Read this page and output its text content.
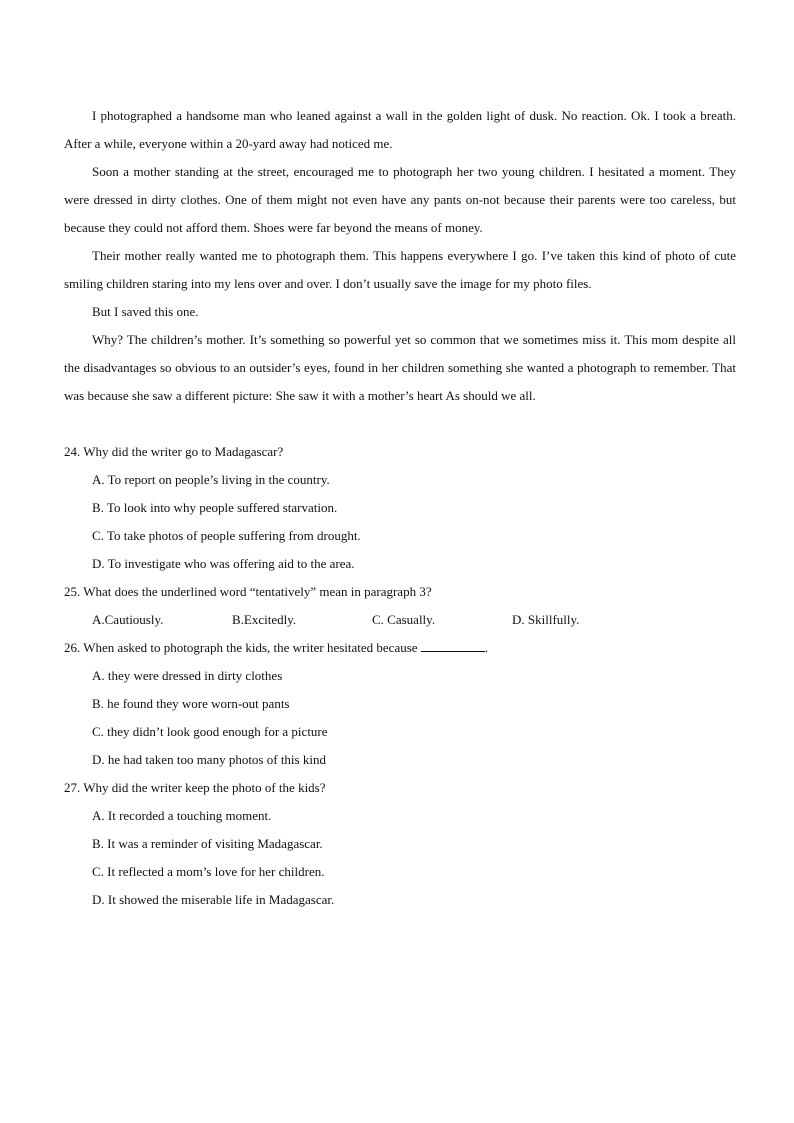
I photographed a handsome man who leaned against a wall in the golden light of dusk. No reaction. Ok. I took a breath. After a while, everyone within a 20-yard away had noticed me.

Soon a mother standing at the street, encouraged me to photograph her two young children. I hesitated a moment. They were dressed in dirty clothes. One of them might not even have any pants on-not because their parents were too careless, but because they could not afford them. Shoes were far beyond the means of money.

Their mother really wanted me to photograph them. This happens everywhere I go. I’ve taken this kind of photo of cute smiling children staring into my lens over and over. I don’t usually save the image for my photo files.

But I saved this one.

Why? The children’s mother. It’s something so powerful yet so common that we sometimes miss it. This mom despite all the disadvantages so obvious to an outsider’s eyes, found in her children something she wanted a photograph to remember. That was because she saw a different picture: She saw it with a mother’s heart As should we all.

24. Why did the writer go to Madagascar?

A. To report on people’s living in the country.

B. To look into why people suffered starvation.

C. To take photos of people suffering from drought.

D. To investigate who was offering aid to the area.

25. What does the underlined word “tentatively” mean in paragraph 3?

A.Cautiously.	B.Excitedly.	C. Casually.	D. Skillfully.

26. When asked to photograph the kids, the writer hesitated because	.

A. they were dressed in dirty clothes

B. he found they wore worn-out pants

C. they didn’t look good enough for a picture

D. he had taken too many photos of this kind

27. Why did the writer keep the photo of the kids?

A. It recorded a touching moment.

B. It was a reminder of visiting Madagascar.

C. It reflected a mom’s love for her children.

D. It showed the miserable life in Madagascar.
